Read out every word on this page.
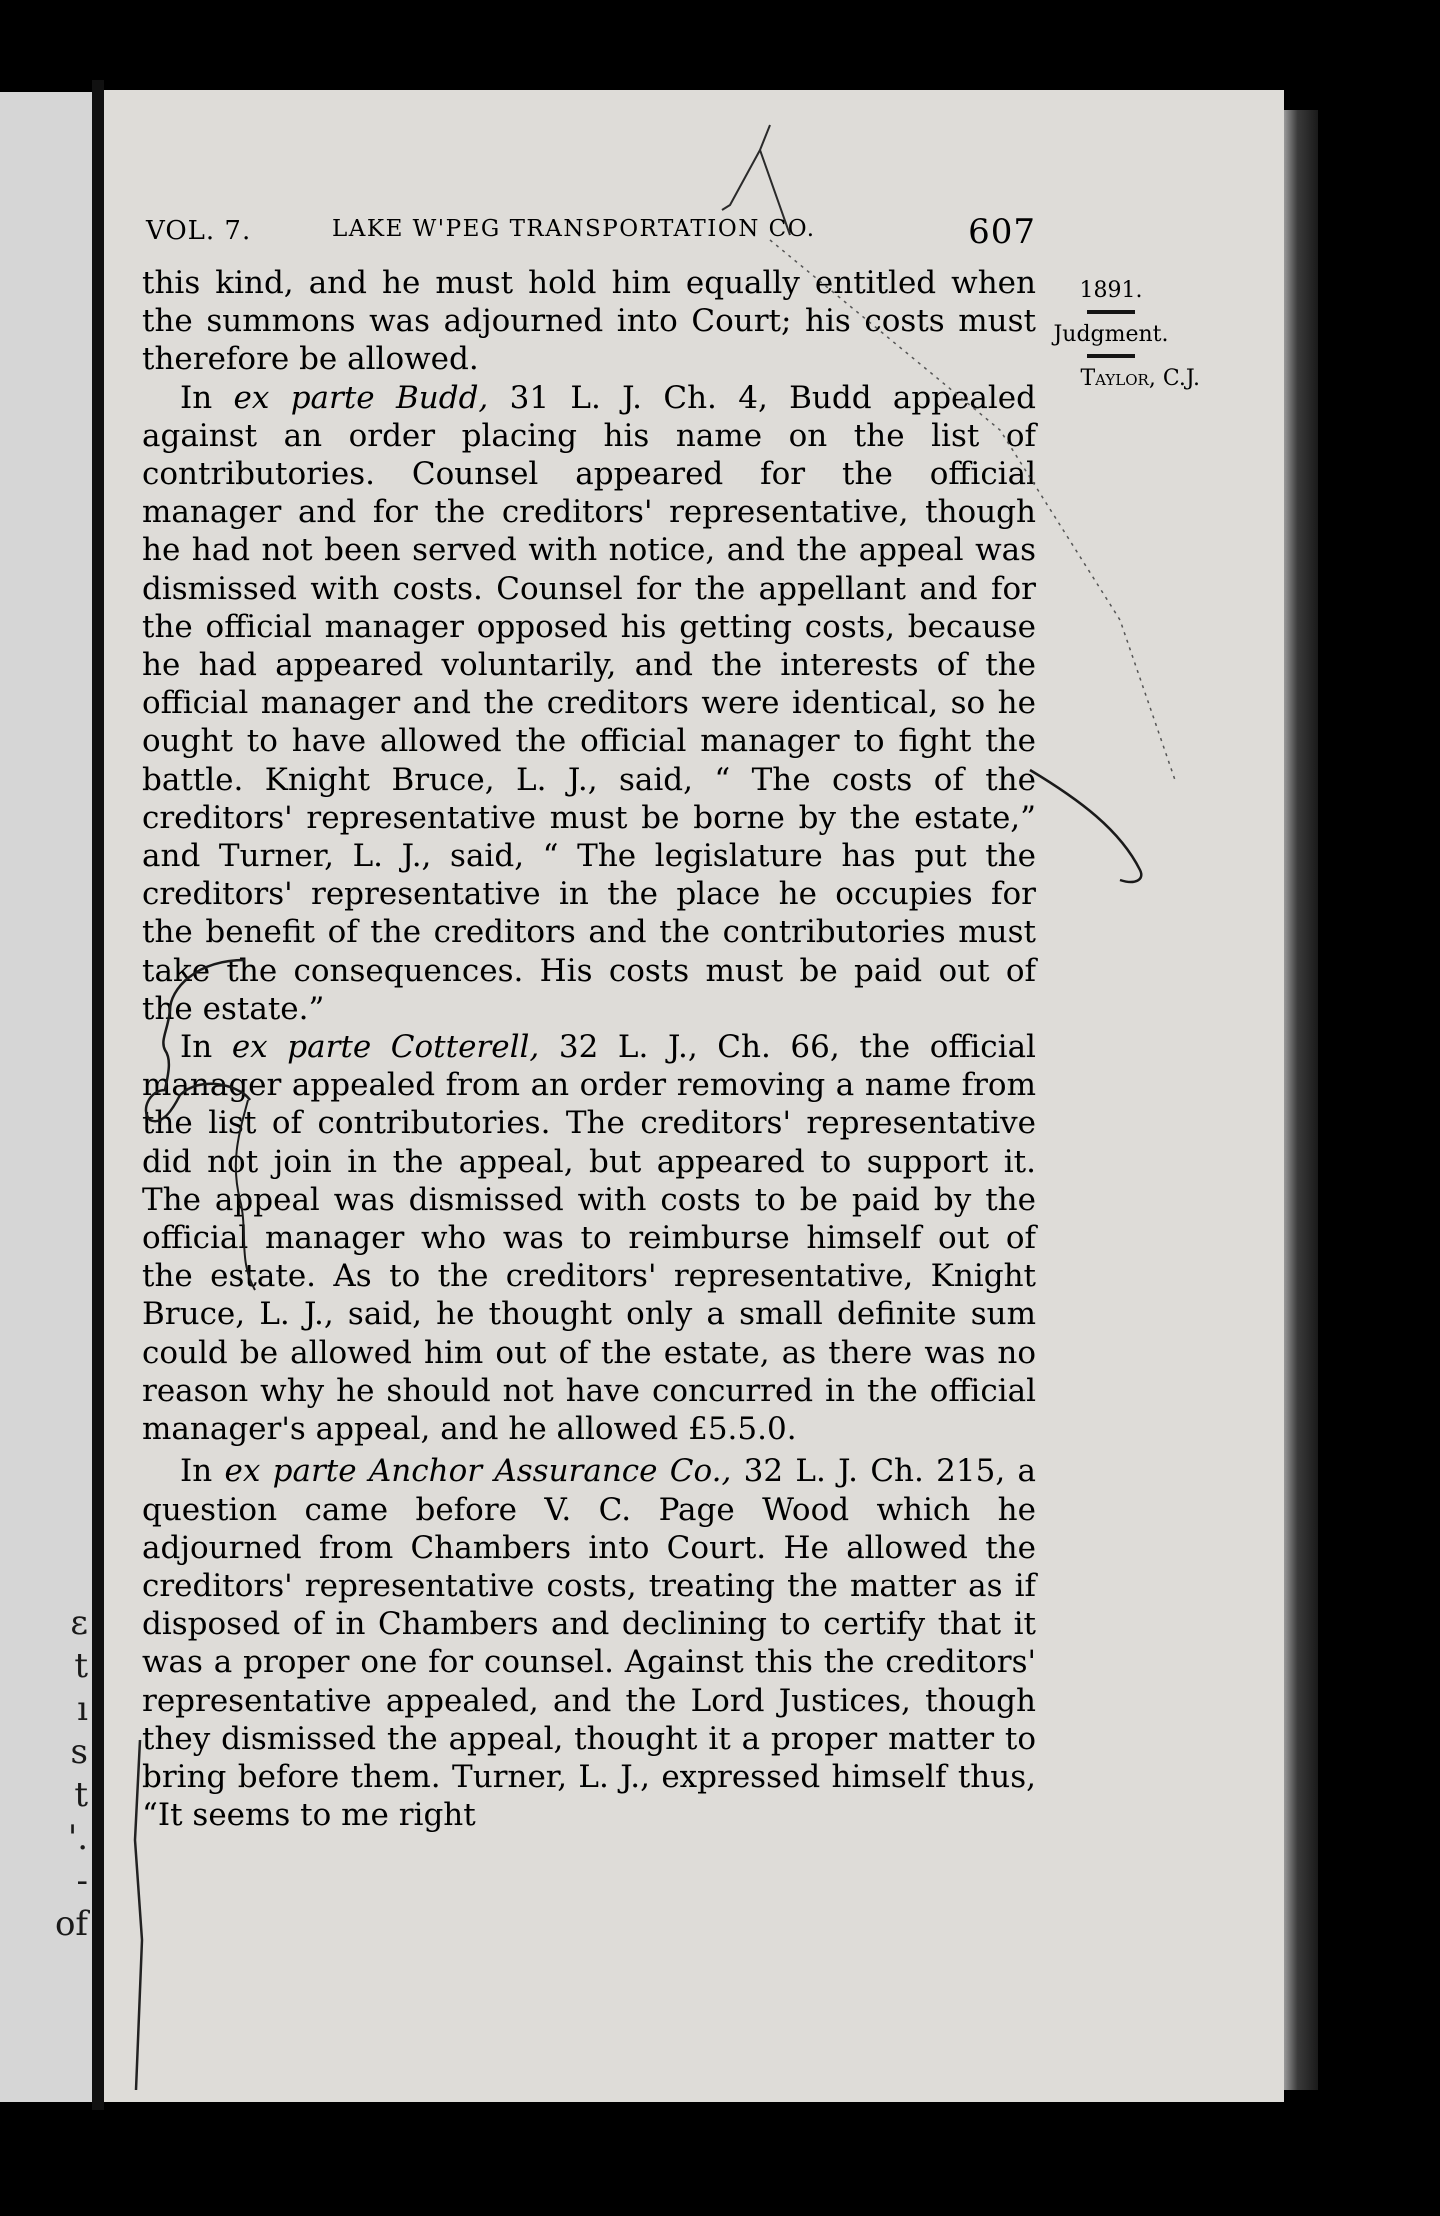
ɛ
t
ı
s
t
'.
-
of
VOL. 7.	LAKE W'PEG TRANSPORTATION CO.	607
1891.
Judgment.
Taylor, C.J.

this kind, and he must hold him equally entitled when the summons was adjourned into Court; his costs must therefore be allowed.

In ex parte Budd, 31 L. J. Ch. 4, Budd appealed against an order placing his name on the list of contributories. Counsel appeared for the official manager and for the creditors' representative, though he had not been served with notice, and the appeal was dismissed with costs. Counsel for the appellant and for the official manager opposed his getting costs, because he had appeared voluntarily, and the interests of the official manager and the creditors were identical, so he ought to have allowed the official manager to fight the battle. Knight Bruce, L. J., said, “ The costs of the creditors' representative must be borne by the estate,” and Turner, L. J., said, “ The legislature has put the creditors' representative in the place he occupies for the benefit of the creditors and the contributories must take the consequences. His costs must be paid out of the estate.”

In ex parte Cotterell, 32 L. J., Ch. 66, the official manager appealed from an order removing a name from the list of contributories. The creditors' representative did not join in the appeal, but appeared to support it. The appeal was dismissed with costs to be paid by the official manager who was to reimburse himself out of the estate. As to the creditors' representative, Knight Bruce, L. J., said, he thought only a small definite sum could be allowed him out of the estate, as there was no reason why he should not have concurred in the official manager's appeal, and he allowed £5.5.0.

In ex parte Anchor Assurance Co., 32 L. J. Ch. 215, a question came before V. C. Page Wood which he adjourned from Chambers into Court. He allowed the creditors' representative costs, treating the matter as if disposed of in Chambers and declining to certify that it was a proper one for counsel. Against this the creditors' representative appealed, and the Lord Justices, though they dismissed the appeal, thought it a proper matter to bring before them. Turner, L. J., expressed himself thus, “It seems to me right
